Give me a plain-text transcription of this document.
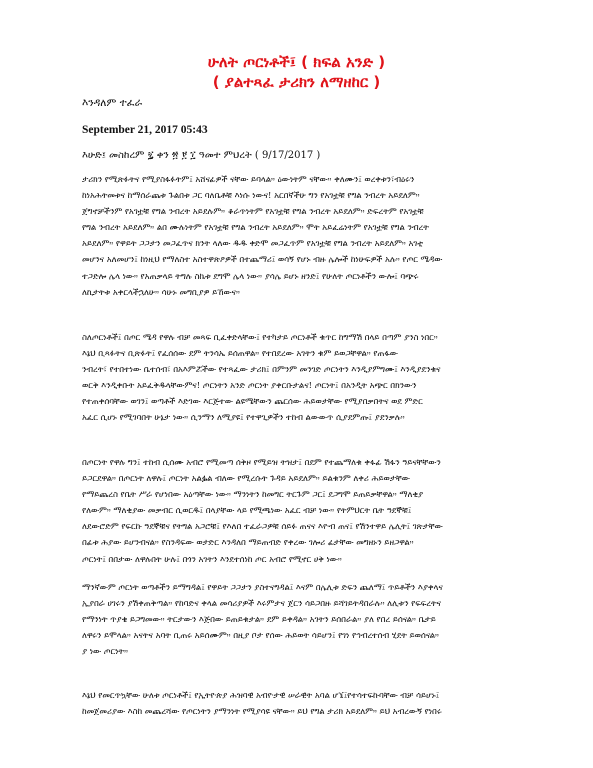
ሁለት ጦርነቶች፤ ( ክፍል አንድ )
( ያልተጻፈ ታሪክን ለማዘከር )
እንዳለም ተፈራ
September 21, 2017 05:43
እሁድ፤ መስከረም ፯ ቀን ፳ ፻ ፲ ዓመተ ምህረት ( 9/17/2017 )
ታሪክን የሚጽፉትና የሚያስፋፉትም፤ አሸናፊዎች ናቸው ይባላል። ዕውነትም ናቸው። ቀለሙን፤ ወረቀቱን፣ብዕሩን
ከነአሕትመቱና ከማሰራጨቱ ጉልበቱ ጋር ባለቤቶቹ እነሱ ነውና! አርበኛችሁ ግን የአገቷቹ የግል ንብረት አይደለም።
ጀግኖቻችንም የአገቷቹ የግል ንብረት አይደሉም። ቆራጥነትም የአገቷቹ የግል ንብረት አይደለም። ድፍረትም የአገቷቹ
የግል ንብረት አይደለም። ልበ ሙሉነትም የአገቷቹ የግል ንብረት አይደለም። ሞት አይፈሬነትም የአገቷቹ የግል ንብረት
አይደለም። የዋይት ጋጋታን መጋፈጥና ክንት ላለው ዱዱ ቀድሞ መጋፈጥም የአገቷቹ የግል ንብረት አይደለም። አገቲ
መሆንና አለመሆን፤ ከነዚህ የማለስተ አስተዋጽዖዎች በተጨማሪ፤ ወሳኝ የሆኑ ብዙ ሌሎች ከነሁፍዎች አሉ። የጦር ሜዳው
ተጋድሎ ሌላ ነው። የአጠቃላይ ትግሉ ስኬቱ ደግሞ ሌላ ነው። ያሳሌ ይሆኑ ዘንድ፤ የሁለት ጦርነቶችን ውሎ፤ ባጭሩ
ለኪታትቱ አቀርላችኋለሁ። ሳሁኑ መግቢያዎ ይኸውና።
ስለጦርነቶች፤ በጦር ሜዳ የዋሉ ብቻ መጻፍ ቢፈቀድላቸው፤ የተካታይ ጦርነቶች ቁጥር ከግማሽ በላይ በጣም ያንስ ነበር።
እኔህ ቢጻፉትና ቢጽፉት፤ የፈሰሰው ደም ትንሳኤ ይሰጠዋል። የተበደረው አገትን ቁም ይወጋቸዋል። የጠፋው
ንብረት፣ የተበተነው ቤተሰብ፣ በአእምሯችው የተጻፈው ታሪክ፤ በምንም መንገድ ጦርነትን እንዲያምግሙ፤ እንዲያደንቁና
ወርቅ እንዲቀቡት አይፈቅዱላቸውምና! ጦርነትን አንድ ጦርነት ያቀርቡታልና! ጦርነት፤ በአንዲት አጭር በክንውን
የተጠቀሰባቸው ወገን፤ ወጣቶች እድገው እርጅተው ልዩሜቸውን ጨርሰው ሕይወታቸው የሚያበቃበትና ወደ ምድር
አፈር ሲሆኑ የሚገባበት ሁኔታ ነው። ሲንማን ለሚያዩ፤ የተዋጊዎችን ተከብ ልውውጥ ሲያደምጡ፤ ያደንቃሉ።
በጦርነት የዋሉ ግን፤ ተከብ ሲሰሙ አብሮ የሚመጣ ሰቅዞ የሚይዝ ትዝታ፤ በደም የተጨማለቁ ቀፋፊ ሽፋን ዓይናቸቸውን
ይጋርደዋል። በጦርነት ለዋሉ፤ ጦርነት አልፏል ብለው የሚረሱት ጉዳይ አይደለም። ይልቁንም ለቀሪ ሕይወታቸው
የማይጨረስ የቤት ሥራ የሆነበው አዕጣቸው ነው። ማንነትን ከመግር ትርጉም ጋር፤ ደጋግሞ ይጠይቃቸዋል። ማለቂያ
የለውም። ማለቂያው መቃብር ሲወርዱ፤ በላያቸው ላይ የሚጫነው አፈር ብቻ ነው። የትምህርት ቤት ዓደኞቹ፤
ለደውሮድም የፍርኩ ዓደኞቹና የትግል አጋሮቹ፤ የእለበ ተፈራጋዎቹ ሰይፉ ጠናና እዮብ ጠና፤ የሽንተዋይ ሌሊት፤ ገጽታቸው
በፊቱ ሕያው ይሆንብናል። የስንዳፍው ወታድር እንዳለበ ማይጠብድ የቀረው ገሎሪ ፊታቸው መግዘኑን ይዘጋዋል።
ጦርነት፤ በበታው ለዋሉበት ሁሉ፤ በጎን አገትን እንደተሰነከ ጦር አብሮ የሚኖር ሀቅ ነው።
ማንኛውም ጦርነት ወጣቶችን ይማግዳል፤ የዋይት ጋጋታን ያስተናግዳል፤ እናም በሌሊቱ ድፍን ጨለማ፤ ጥይቶችን እያቀላና
ኢያበራ ሀገሩን ያሽቀጠቅጣል። የከባድና ቀላል መሳሪያዎች እሩምታና ጀርን ሳይጋበዙ ይሻገይትዳበራሉ። ለሊቱን የፍፍረትና
የማንነት ጥያቄ ይጋግመው። ትርታውን እጅበው ይጠይቁታል። ደም ይቀዳል። አገትን ይሰበራል። ያለ የበረ ይሰናል። ቤታይ
ለዋሩን ይሞላል። አናትና አባት ቢጠሩ አይሰሙም። በዚያ ቦታ የሰው ሕይወት ሳይሆን፤ የገነ የኅብረተሰብ ሂደት ይወሰናል።
ያ ነው ጦርነት።
እኔህ የመርጥኳቸው ሁለቱ ጦርነቶች፤ የኢትዮጵያ ሕዝባዊ አብዮታዊ ሠራዊት አባል ሆኜ፤የተሳተፍኩባቸው ብቻ ሳይሆኑ፤
ከመጀመሪያው እስከ መጨረሻው የጦርነትን ያማንነት የሚያሳዩ ናቸው። ይህ የግል ታሪክ አይደለም። ይህ አብረውኝ የነበሩ
